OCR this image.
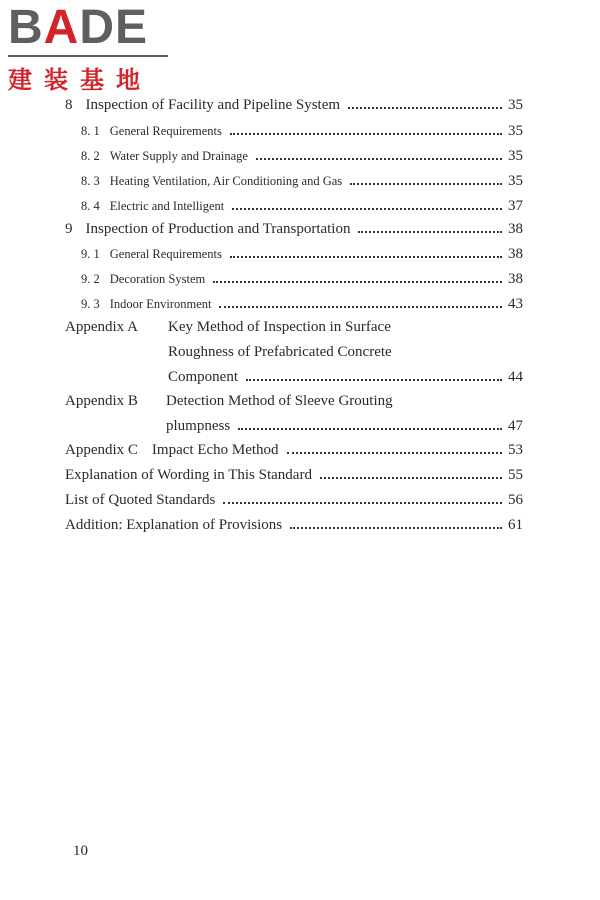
BADE
建装基地
8 Inspection of Facility and Pipeline System	35
8. 1 General Requirements	35
8. 2 Water Supply and Drainage	35
8. 3 Heating Ventilation, Air Conditioning and Gas	35
8. 4 Electric and Intelligent	37
9 Inspection of Production and Transportation	38
9. 1 General Requirements	38
9. 2 Decoration System	38
9. 3 Indoor Environment	43
Appendix A Key Method of Inspection in Surface
Roughness of Prefabricated Concrete
Component	44
Appendix B Detection Method of Sleeve Grouting
plumpness	47
Appendix C Impact Echo Method	53
Explanation of Wording in This Standard	55
List of Quoted Standards	56
Addition: Explanation of Provisions	61
10
